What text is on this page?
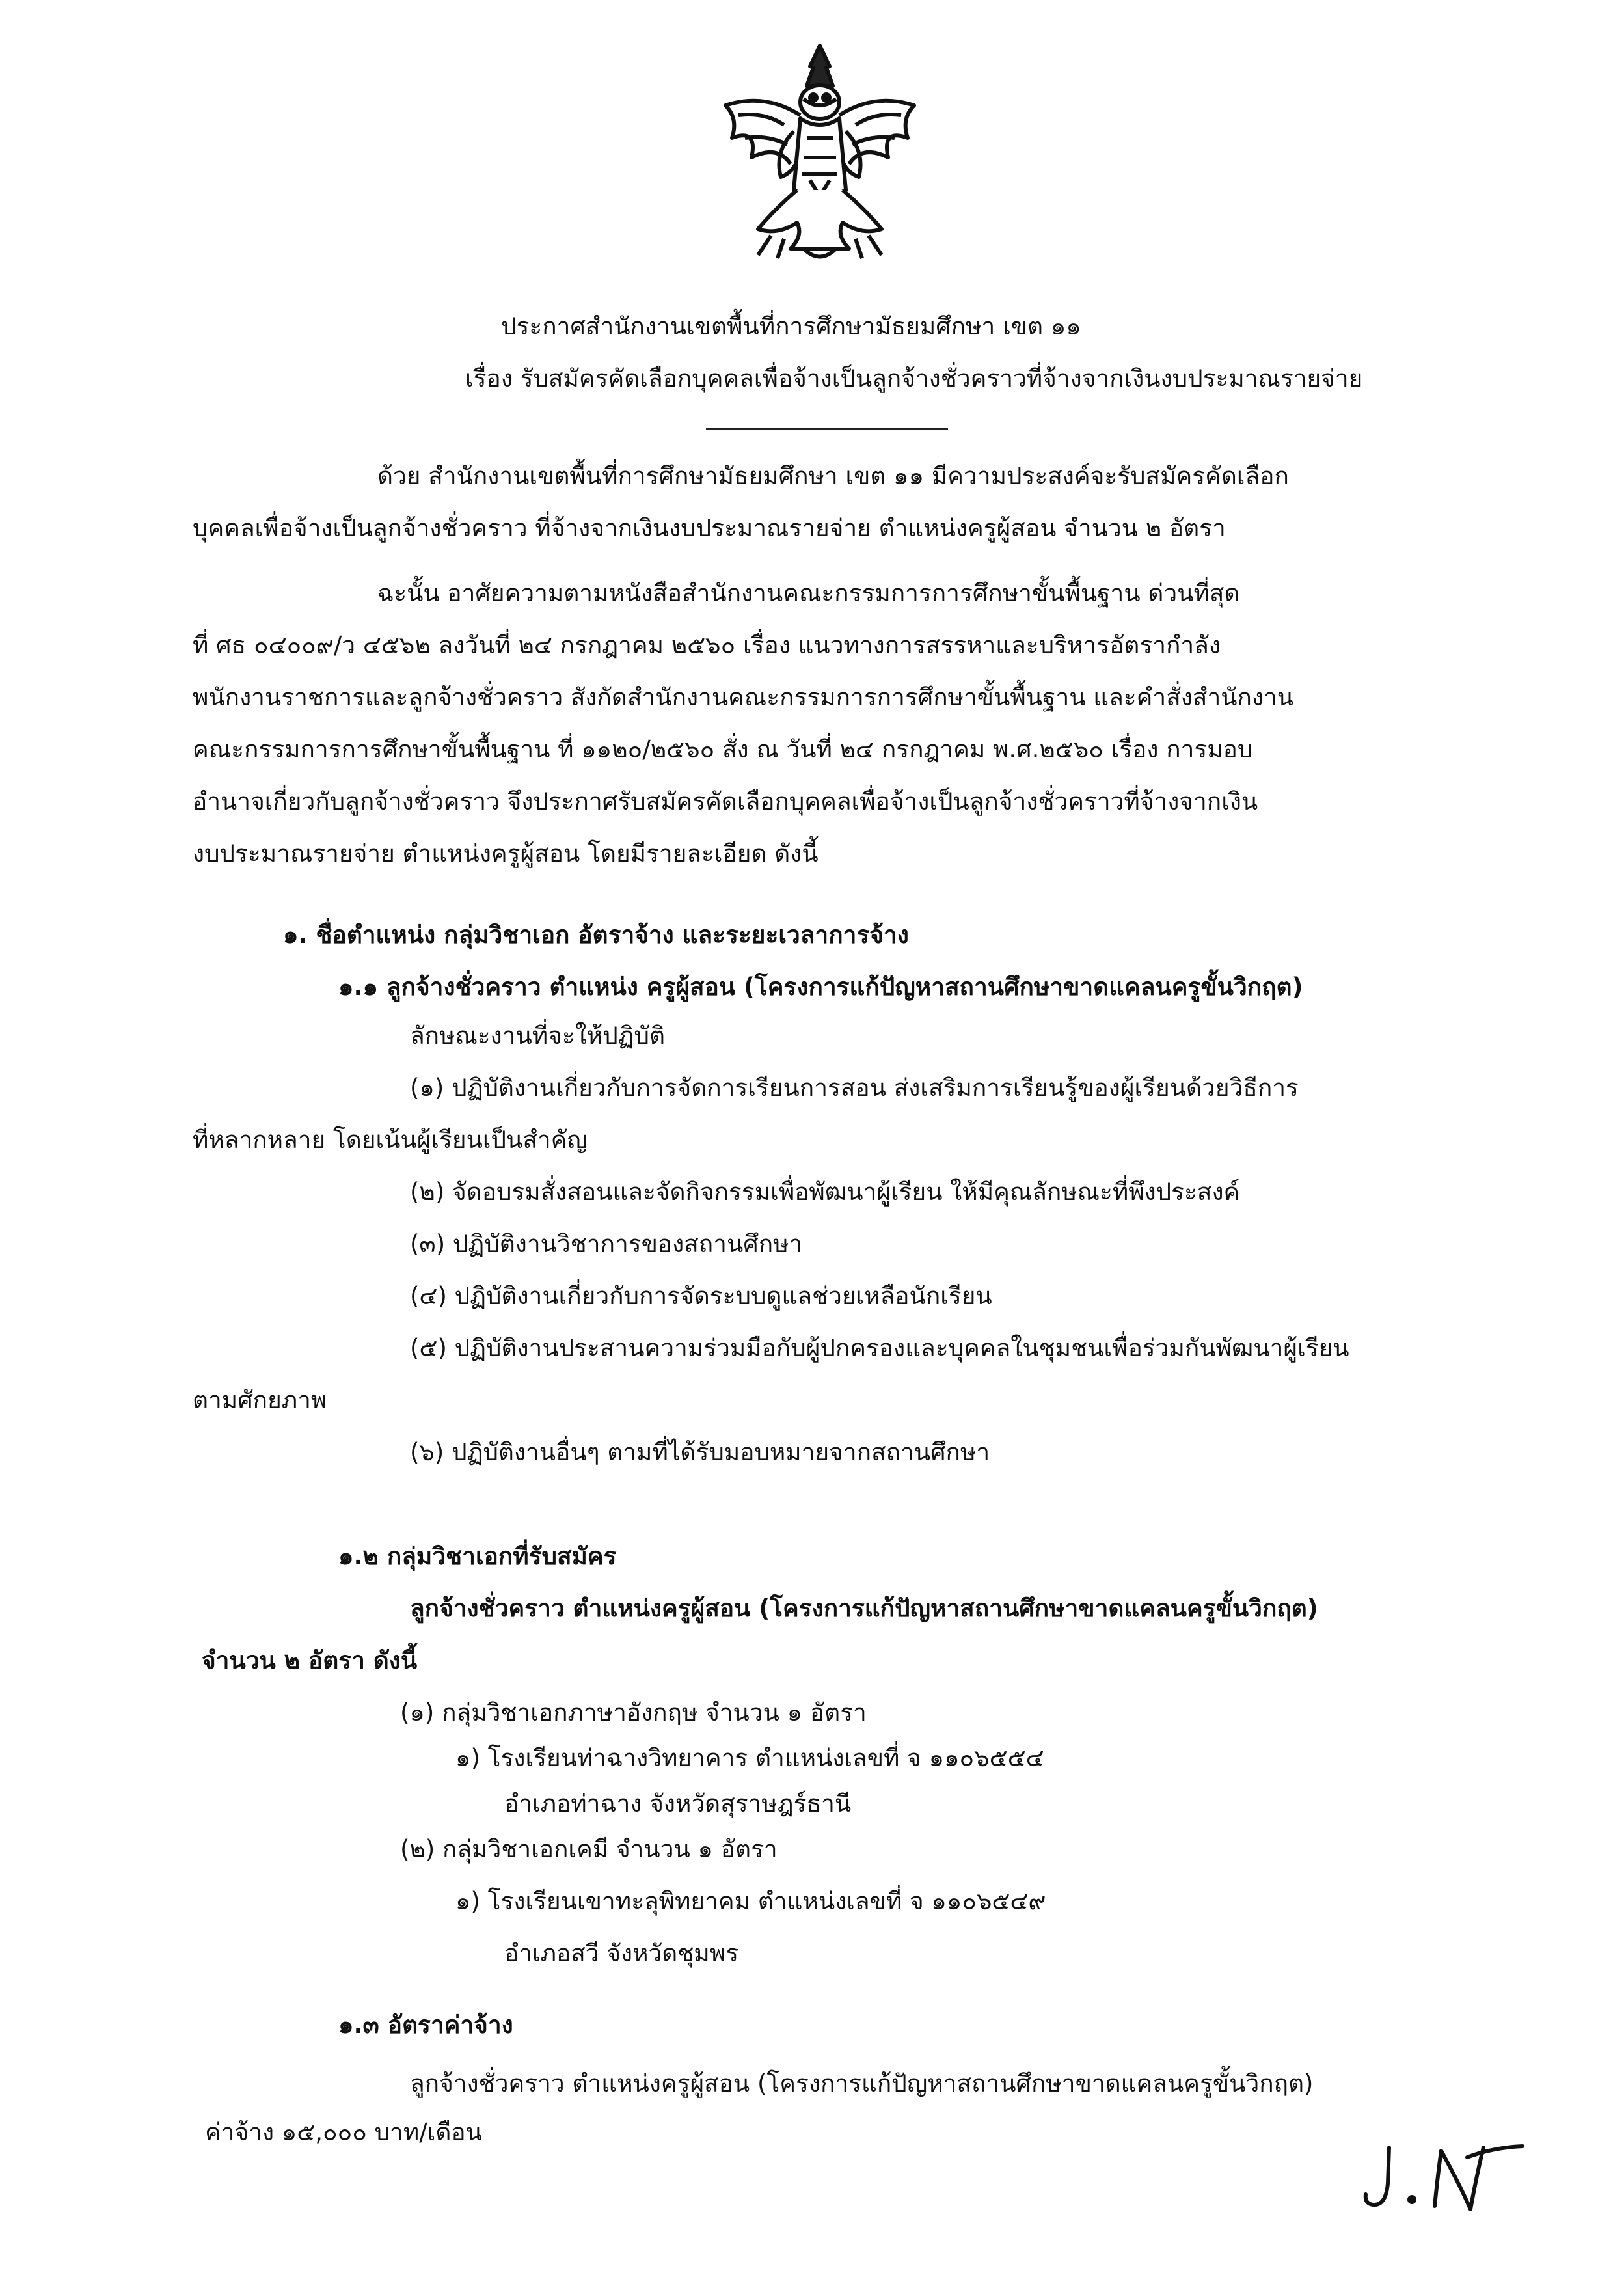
ประกาศสำนักงานเขตพื้นที่การศึกษามัธยมศึกษา เขต ๑๑
เรื่อง รับสมัครคัดเลือกบุคคลเพื่อจ้างเป็นลูกจ้างชั่วคราวที่จ้างจากเงินงบประมาณรายจ่าย
ด้วย สำนักงานเขตพื้นที่การศึกษามัธยมศึกษา เขต ๑๑ มีความประสงค์จะรับสมัครคัดเลือก
บุคคลเพื่อจ้างเป็นลูกจ้างชั่วคราว ที่จ้างจากเงินงบประมาณรายจ่าย ตำแหน่งครูผู้สอน จำนวน ๒ อัตรา
ฉะนั้น อาศัยความตามหนังสือสำนักงานคณะกรรมการการศึกษาขั้นพื้นฐาน ด่วนที่สุด
ที่ ศธ ๐๔๐๐๙/ว ๔๕๖๒ ลงวันที่ ๒๔ กรกฎาคม ๒๕๖๐ เรื่อง แนวทางการสรรหาและบริหารอัตรากำลัง
พนักงานราชการและลูกจ้างชั่วคราว สังกัดสำนักงานคณะกรรมการการศึกษาขั้นพื้นฐาน และคำสั่งสำนักงาน
คณะกรรมการการศึกษาขั้นพื้นฐาน ที่ ๑๑๒๐/๒๕๖๐ สั่ง ณ วันที่ ๒๔ กรกฎาคม พ.ศ.๒๕๖๐ เรื่อง การมอบ
อำนาจเกี่ยวกับลูกจ้างชั่วคราว จึงประกาศรับสมัครคัดเลือกบุคคลเพื่อจ้างเป็นลูกจ้างชั่วคราวที่จ้างจากเงิน
งบประมาณรายจ่าย ตำแหน่งครูผู้สอน โดยมีรายละเอียด ดังนี้
๑. ชื่อตำแหน่ง กลุ่มวิชาเอก อัตราจ้าง และระยะเวลาการจ้าง
๑.๑ ลูกจ้างชั่วคราว ตำแหน่ง ครูผู้สอน (โครงการแก้ปัญหาสถานศึกษาขาดแคลนครูขั้นวิกฤต)
ลักษณะงานที่จะให้ปฏิบัติ
(๑) ปฏิบัติงานเกี่ยวกับการจัดการเรียนการสอน ส่งเสริมการเรียนรู้ของผู้เรียนด้วยวิธีการ
ที่หลากหลาย โดยเน้นผู้เรียนเป็นสำคัญ
(๒) จัดอบรมสั่งสอนและจัดกิจกรรมเพื่อพัฒนาผู้เรียน ให้มีคุณลักษณะที่พึงประสงค์
(๓) ปฏิบัติงานวิชาการของสถานศึกษา
(๔) ปฏิบัติงานเกี่ยวกับการจัดระบบดูแลช่วยเหลือนักเรียน
(๕) ปฏิบัติงานประสานความร่วมมือกับผู้ปกครองและบุคคลในชุมชนเพื่อร่วมกันพัฒนาผู้เรียน
ตามศักยภาพ
(๖) ปฏิบัติงานอื่นๆ ตามที่ได้รับมอบหมายจากสถานศึกษา
๑.๒ กลุ่มวิชาเอกที่รับสมัคร
ลูกจ้างชั่วคราว ตำแหน่งครูผู้สอน (โครงการแก้ปัญหาสถานศึกษาขาดแคลนครูขั้นวิกฤต)
จำนวน ๒ อัตรา ดังนี้
(๑) กลุ่มวิชาเอกภาษาอังกฤษ จำนวน ๑ อัตรา
๑) โรงเรียนท่าฉางวิทยาคาร ตำแหน่งเลขที่ จ ๑๑๐๖๕๕๔
อำเภอท่าฉาง จังหวัดสุราษฎร์ธานี
(๒) กลุ่มวิชาเอกเคมี จำนวน ๑ อัตรา
๑) โรงเรียนเขาทะลุพิทยาคม ตำแหน่งเลขที่ จ ๑๑๐๖๕๔๙
อำเภอสวี จังหวัดชุมพร
๑.๓ อัตราค่าจ้าง
ลูกจ้างชั่วคราว ตำแหน่งครูผู้สอน (โครงการแก้ปัญหาสถานศึกษาขาดแคลนครูขั้นวิกฤต)
ค่าจ้าง ๑๕,๐๐๐ บาท/เดือน
